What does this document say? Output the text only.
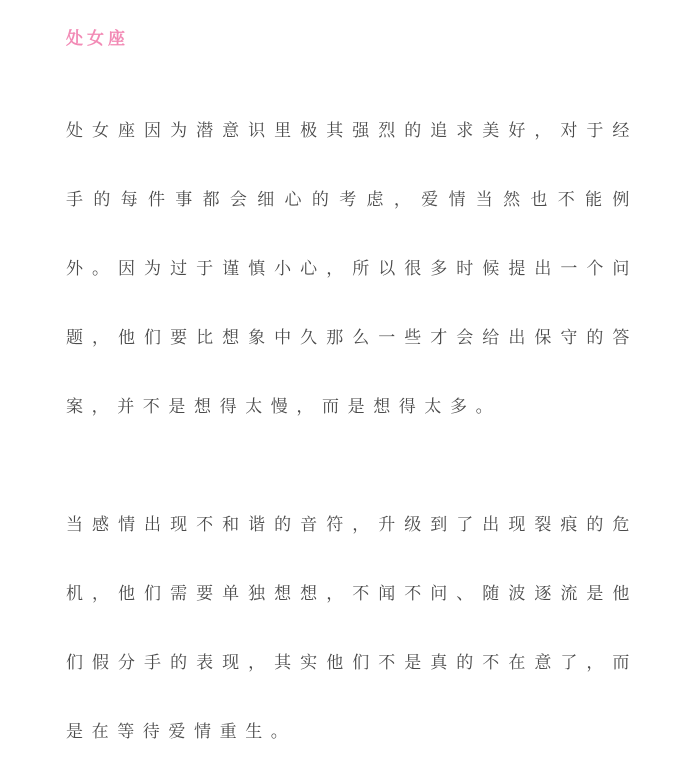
处女座

处女座因为潜意识里极其强烈的追求美好，对于经手的每件事都会细心的考虑，爱情当然也不能例外。因为过于谨慎小心，所以很多时候提出一个问题，他们要比想象中久那么一些才会给出保守的答案，并不是想得太慢，而是想得太多。

当感情出现不和谐的音符，升级到了出现裂痕的危机，他们需要单独想想，不闻不问、随波逐流是他们假分手的表现，其实他们不是真的不在意了，而是在等待爱情重生。
